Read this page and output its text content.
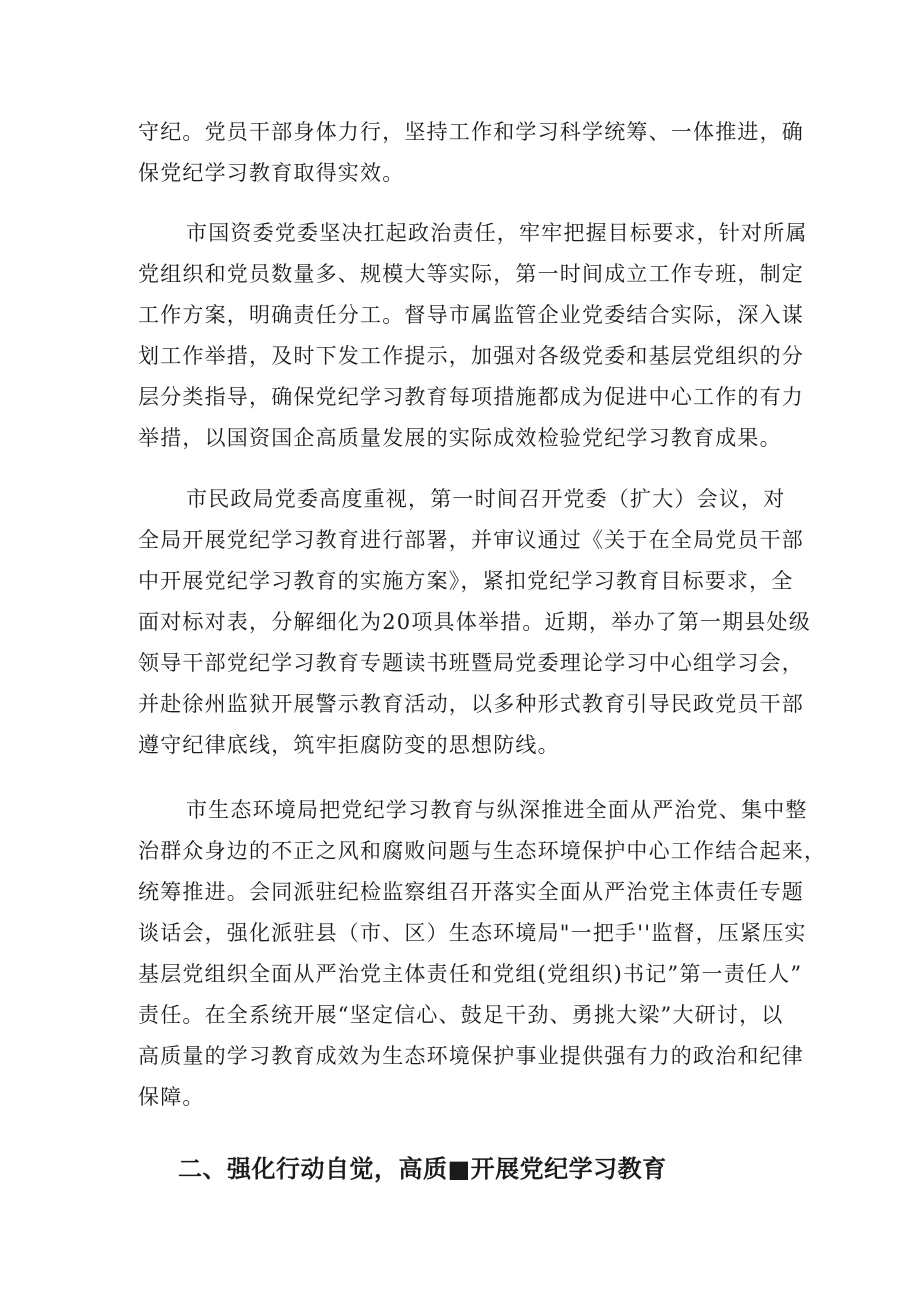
守纪。党员干部身体力行，坚持工作和学习科学统筹、一体推进，确
保党纪学习教育取得实效。
市国资委党委坚决扛起政治责任，牢牢把握目标要求，针对所属
党组织和党员数量多、规模大等实际，第一时间成立工作专班，制定
工作方案，明确责任分工。督导市属监管企业党委结合实际，深入谋
划工作举措，及时下发工作提示，加强对各级党委和基层党组织的分
层分类指导，确保党纪学习教育每项措施都成为促进中心工作的有力
举措，以国资国企高质量发展的实际成效检验党纪学习教育成果。
市民政局党委高度重视，第一时间召开党委（扩大）会议，对
全局开展党纪学习教育进行部署，并审议通过《关于在全局党员干部
中开展党纪学习教育的实施方案》，紧扣党纪学习教育目标要求，全
面对标对表，分解细化为20项具体举措。近期，举办了第一期县处级
领导干部党纪学习教育专题读书班暨局党委理论学习中心组学习会，
并赴徐州监狱开展警示教育活动，以多种形式教育引导民政党员干部
遵守纪律底线，筑牢拒腐防变的思想防线。
市生态环境局把党纪学习教育与纵深推进全面从严治党、集中整
治群众身边的不正之风和腐败问题与生态环境保护中心工作结合起来，
统筹推进。会同派驻纪检监察组召开落实全面从严治党主体责任专题
谈话会，强化派驻县（市、区）生态环境局"一把手''监督，压紧压实
基层党组织全面从严治党主体责任和党组(党组织)书记”第一责任人”
责任。在全系统开展“坚定信心、鼓足干劲、勇挑大梁”大研讨，以
高质量的学习教育成效为生态环境保护事业提供强有力的政治和纪律
保障。
二、强化行动自觉，高质■开展党纪学习教育
